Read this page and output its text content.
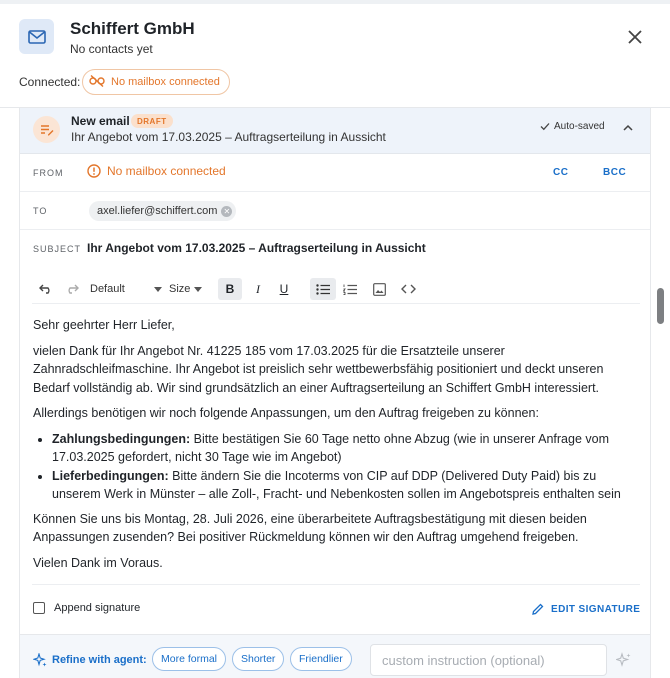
Schiffert GmbH
No contacts yet
Connected:	No mailbox connected
New email DRAFT
Ihr Angebot vom 17.03.2025 – Auftragserteilung in Aussicht
Auto-saved
FROM	No mailbox connected	CC	BCC
TO	axel.liefer@schiffert.com ✕
SUBJECT Ihr Angebot vom 17.03.2025 – Auftragserteilung in Aussicht
Default	Size	B	I	U

Sehr geehrter Herr Liefer,

vielen Dank für Ihr Angebot Nr. 41225 185 vom 17.03.2025 für die Ersatzteile unserer Zahnradschleifmaschine. Ihr Angebot ist preislich sehr wettbewerbsfähig positioniert und deckt unseren Bedarf vollständig ab. Wir sind grundsätzlich an einer Auftragserteilung an Schiffert GmbH interessiert.

Allerdings benötigen wir noch folgende Anpassungen, um den Auftrag freigeben zu können:

• Zahlungsbedingungen: Bitte bestätigen Sie 60 Tage netto ohne Abzug (wie in unserer Anfrage vom 17.03.2025 gefordert, nicht 30 Tage wie im Angebot)
• Lieferbedingungen: Bitte ändern Sie die Incoterms von CIP auf DDP (Delivered Duty Paid) bis zu unserem Werk in Münster – alle Zoll-, Fracht- und Nebenkosten sollen im Angebotspreis enthalten sein

Können Sie uns bis Montag, 28. Juli 2026, eine überarbeitete Auftragsbestätigung mit diesen beiden Anpassungen zusenden? Bei positiver Rückmeldung können wir den Auftrag umgehend freigeben.

Vielen Dank im Voraus.

Append signature	EDIT SIGNATURE
Refine with agent:	More formal	Shorter	Friendlier	custom instruction (optional)
